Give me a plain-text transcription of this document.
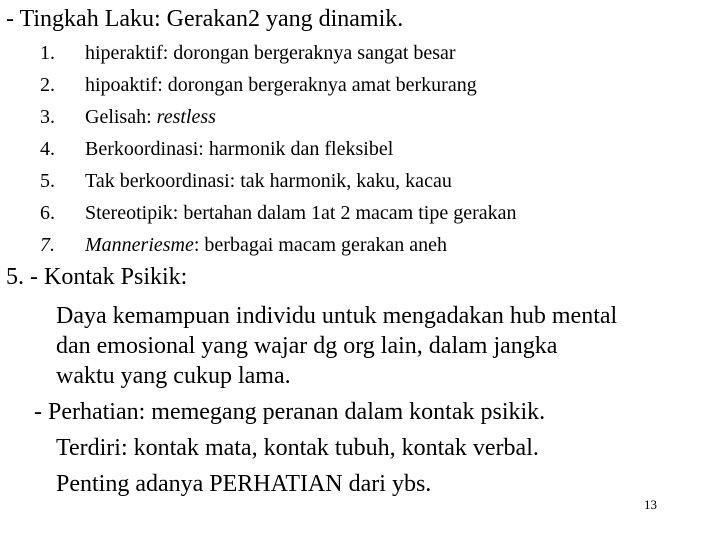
- Tingkah Laku: Gerakan2 yang dinamik.
1.	hiperaktif: dorongan bergeraknya sangat besar
2.	hipoaktif: dorongan bergeraknya amat berkurang
3.	Gelisah: restless
4.	Berkoordinasi: harmonik dan fleksibel
5.	Tak berkoordinasi: tak harmonik, kaku, kacau
6.	Stereotipik: bertahan dalam 1at 2 macam tipe gerakan
7.	Manneriesme: berbagai macam gerakan aneh
5. - Kontak Psikik:
Daya kemampuan individu untuk mengadakan hub mental
dan emosional yang wajar dg org lain, dalam jangka
waktu yang cukup lama.
- Perhatian: memegang peranan dalam kontak psikik.
Terdiri: kontak mata, kontak tubuh, kontak verbal.
Penting adanya PERHATIAN dari ybs.
13
